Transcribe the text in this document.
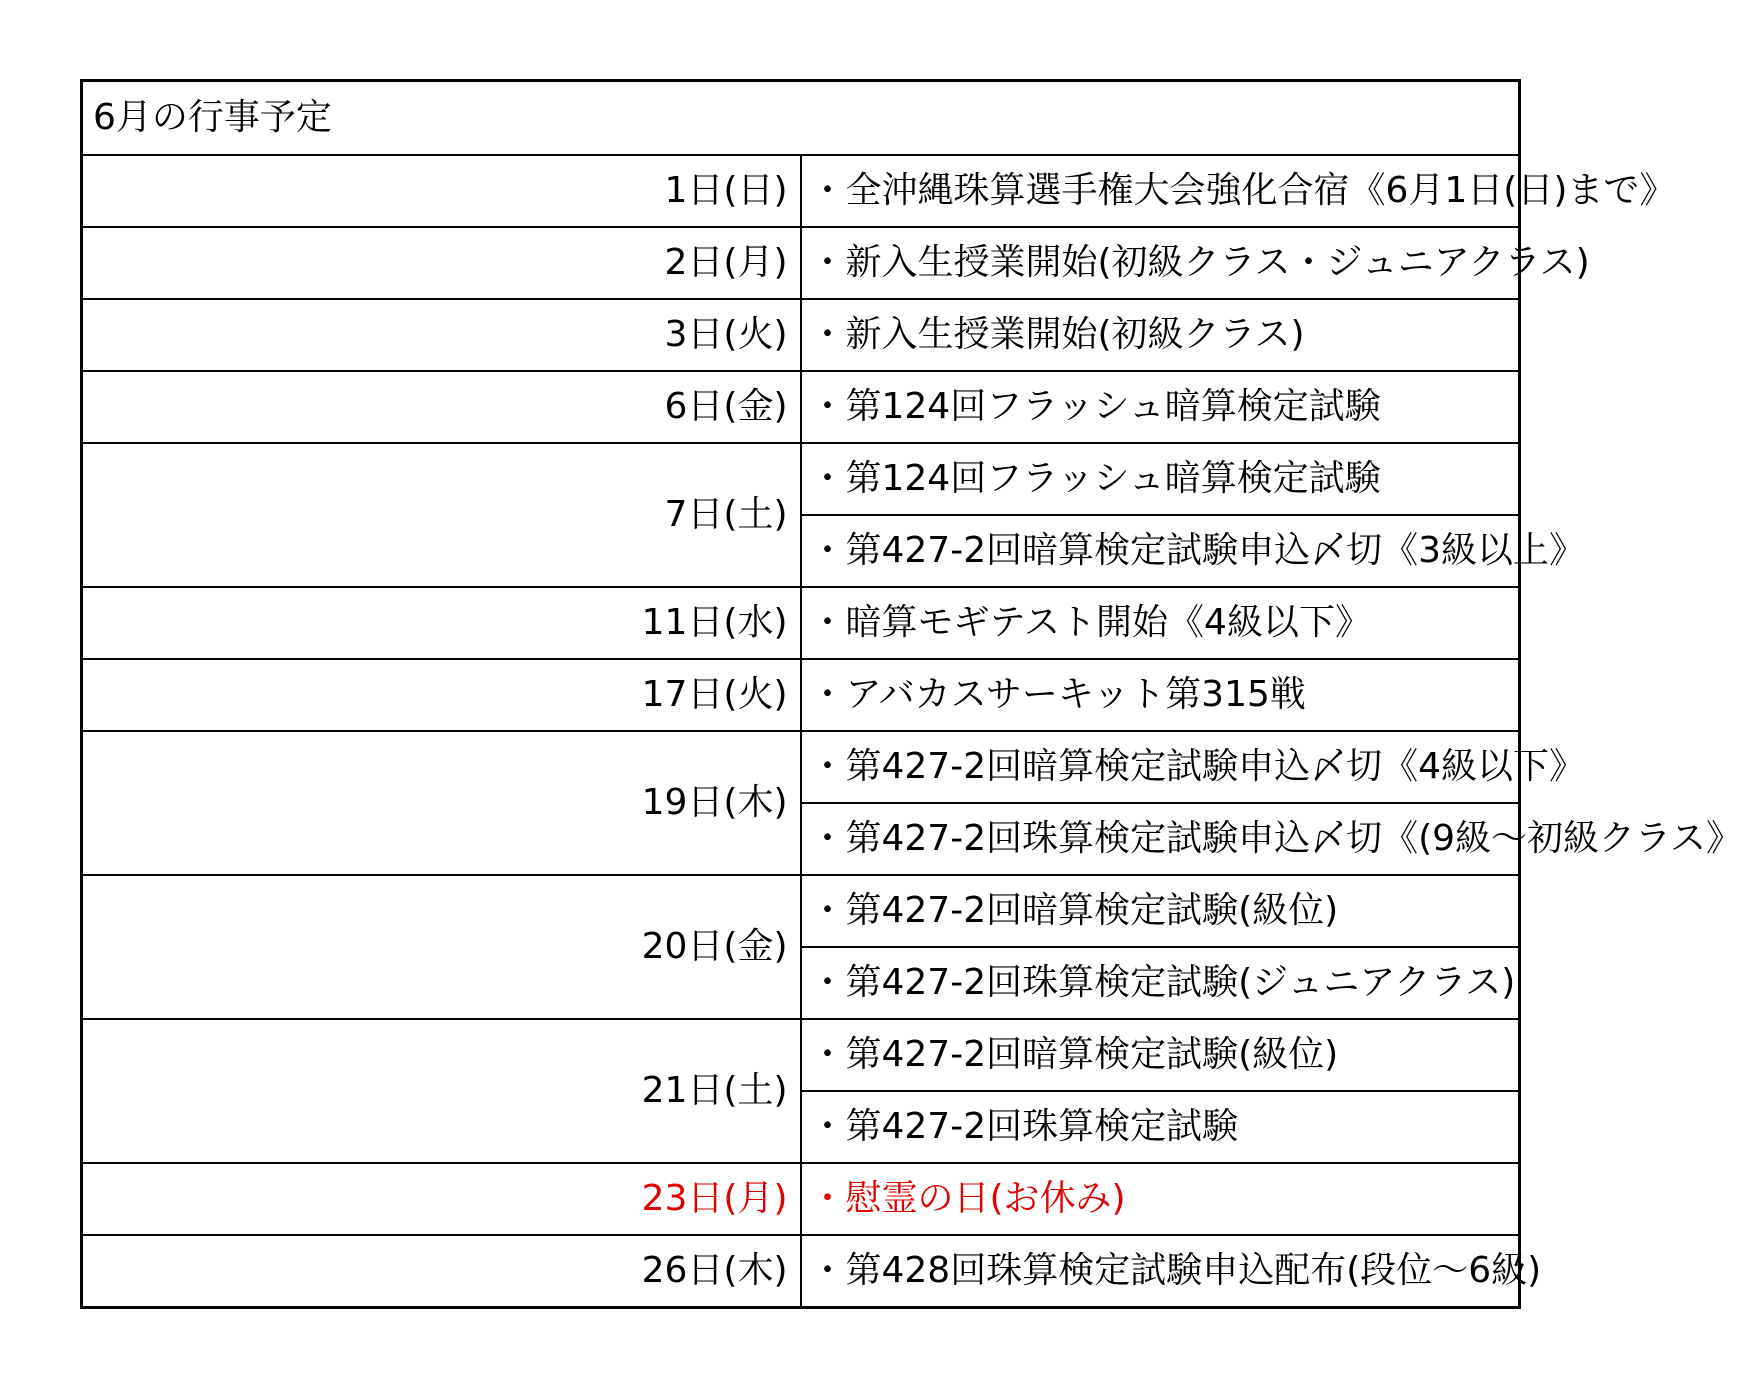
6月の行事予定	
1日(日)	・全沖縄珠算選手権大会強化合宿《6月1日(日)まで》
2日(月)	・新入生授業開始(初級クラス・ジュニアクラス)
3日(火)	・新入生授業開始(初級クラス)
6日(金)	・第124回フラッシュ暗算検定試験
7日(土)	・第124回フラッシュ暗算検定試験
	・第427-2回暗算検定試験申込〆切《3級以上》
11日(水)	・暗算モギテスト開始《4級以下》
17日(火)	・アバカスサーキット第315戦
19日(木)	・第427-2回暗算検定試験申込〆切《4級以下》
	・第427-2回珠算検定試験申込〆切《(9級～初級クラス》
20日(金)	・第427-2回暗算検定試験(級位)
	・第427-2回珠算検定試験(ジュニアクラス)
21日(土)	・第427-2回暗算検定試験(級位)
	・第427-2回珠算検定試験
23日(月)	・慰霊の日(お休み)
26日(木)	・第428回珠算検定試験申込配布(段位～6級)
